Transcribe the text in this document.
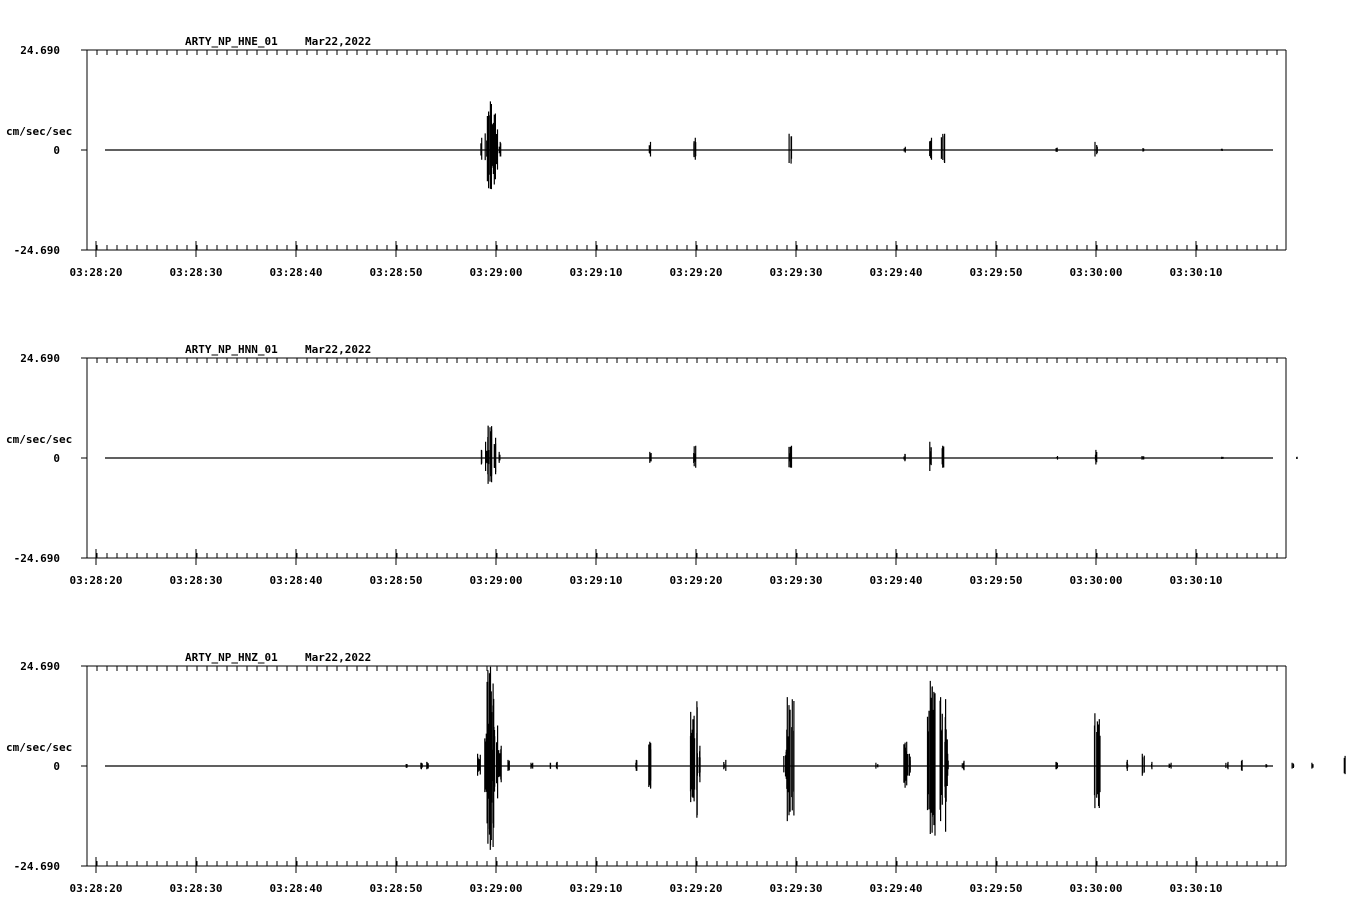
ARTY_NP_HNE_01 Mar22,2022
24.690
0
-24.690
cm/sec/sec
03:28:20	03:28:30	03:28:40	03:28:50	03:29:00	03:29:10	03:29:20	03:29:30	03:29:40	03:29:50	03:30:00	03:30:10
ARTY_NP_HNN_01 Mar22,2022
24.690
0
-24.690
cm/sec/sec
03:28:20	03:28:30	03:28:40	03:28:50	03:29:00	03:29:10	03:29:20	03:29:30	03:29:40	03:29:50	03:30:00	03:30:10
ARTY_NP_HNZ_01 Mar22,2022
24.690
0
-24.690
cm/sec/sec
03:28:20	03:28:30	03:28:40	03:28:50	03:29:00	03:29:10	03:29:20	03:29:30	03:29:40	03:29:50	03:30:00	03:30:10
